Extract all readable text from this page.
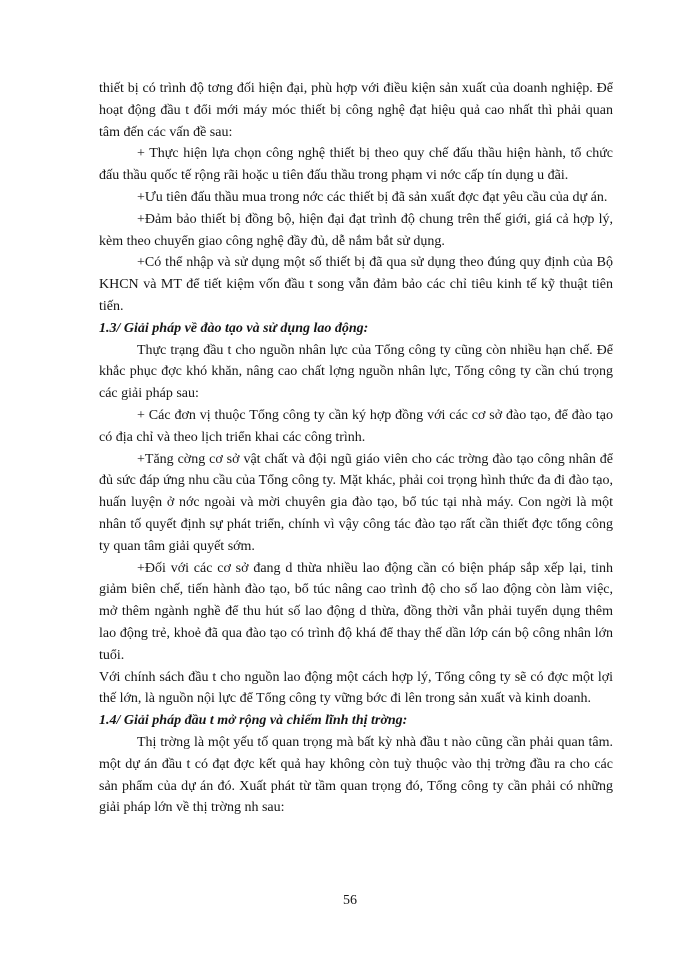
thiết bị có trình độ tơng đối hiện đại, phù hợp với điều kiện sản xuất của doanh nghiệp. Để hoạt động đầu t đổi mới máy móc thiết bị công nghệ đạt hiệu quả cao nhất thì phải quan tâm đến các vấn đề sau:

+ Thực hiện lựa chọn công nghệ thiết bị theo quy chế đấu thầu hiện hành, tổ chức đấu thầu quốc tế rộng rãi hoặc u tiên đấu thầu trong phạm vi nớc cấp tín dụng u đãi.

+Ưu tiên đấu thầu mua trong nớc các thiết bị đã sản xuất đợc đạt yêu cầu của dự án.

+Đảm bảo thiết bị đồng bộ, hiện đại đạt trình độ chung trên thế giới, giá cả hợp lý, kèm theo chuyển giao công nghệ đầy đủ, dễ nắm bắt sử dụng.

+Có thể nhập và sử dụng một số thiết bị đã qua sử dụng theo đúng quy định của Bộ KHCN và MT để tiết kiệm vốn đầu t song vẫn đảm bảo các chỉ tiêu kinh tế kỹ thuật tiên tiến.

1.3/ Giải pháp về đào tạo và sử dụng lao động:

Thực trạng đầu t cho nguồn nhân lực của Tổng công ty cũng còn nhiều hạn chế. Để khắc phục đợc khó khăn, nâng cao chất lợng nguồn nhân lực, Tổng công ty cần chú trọng các giải pháp sau:

+ Các đơn vị thuộc Tổng công ty cần ký hợp đồng với các cơ sở đào tạo, để đào tạo có địa chỉ và theo lịch triển khai các công trình.

+Tăng cờng cơ sở vật chất và đội ngũ giáo viên cho các trờng đào tạo công nhân để đủ sức đáp ứng nhu cầu của Tổng công ty. Mặt khác, phải coi trọng hình thức đa đi đào tạo, huấn luyện ở nớc ngoài và mời chuyên gia đào tạo, bổ túc tại nhà máy. Con ngời là một nhân tố quyết định sự phát triển, chính vì vậy công tác đào tạo rất cần thiết đợc tổng công ty quan tâm giải quyết sớm.

+Đối với các cơ sở đang d thừa nhiều lao động cần có biện pháp sắp xếp lại, tinh giảm biên chế, tiến hành đào tạo, bổ túc nâng cao trình độ cho số lao động còn làm việc, mở thêm ngành nghề để thu hút số lao động d thừa, đồng thời vẫn phải tuyển dụng thêm lao động trẻ, khoẻ đã qua đào tạo có trình độ khá để thay thế dần lớp cán bộ công nhân lớn tuổi.

Với chính sách đầu t cho nguồn lao động một cách hợp lý, Tổng công ty sẽ có đợc một lợi thế lớn, là nguồn nội lực để Tổng công ty vững bớc đi lên trong sản xuất và kinh doanh.

1.4/ Giải pháp đầu t mở rộng và chiếm lĩnh thị trờng:

Thị trờng là một yếu tố quan trọng mà bất kỳ nhà đầu t nào cũng cần phải quan tâm. một dự án đầu t có đạt đợc kết quả hay không còn tuỳ thuộc vào thị trờng đầu ra cho các sản phẩm của dự án đó. Xuất phát từ tầm quan trọng đó, Tổng công ty cần phải có những giải pháp lớn về thị trờng nh sau:

56
